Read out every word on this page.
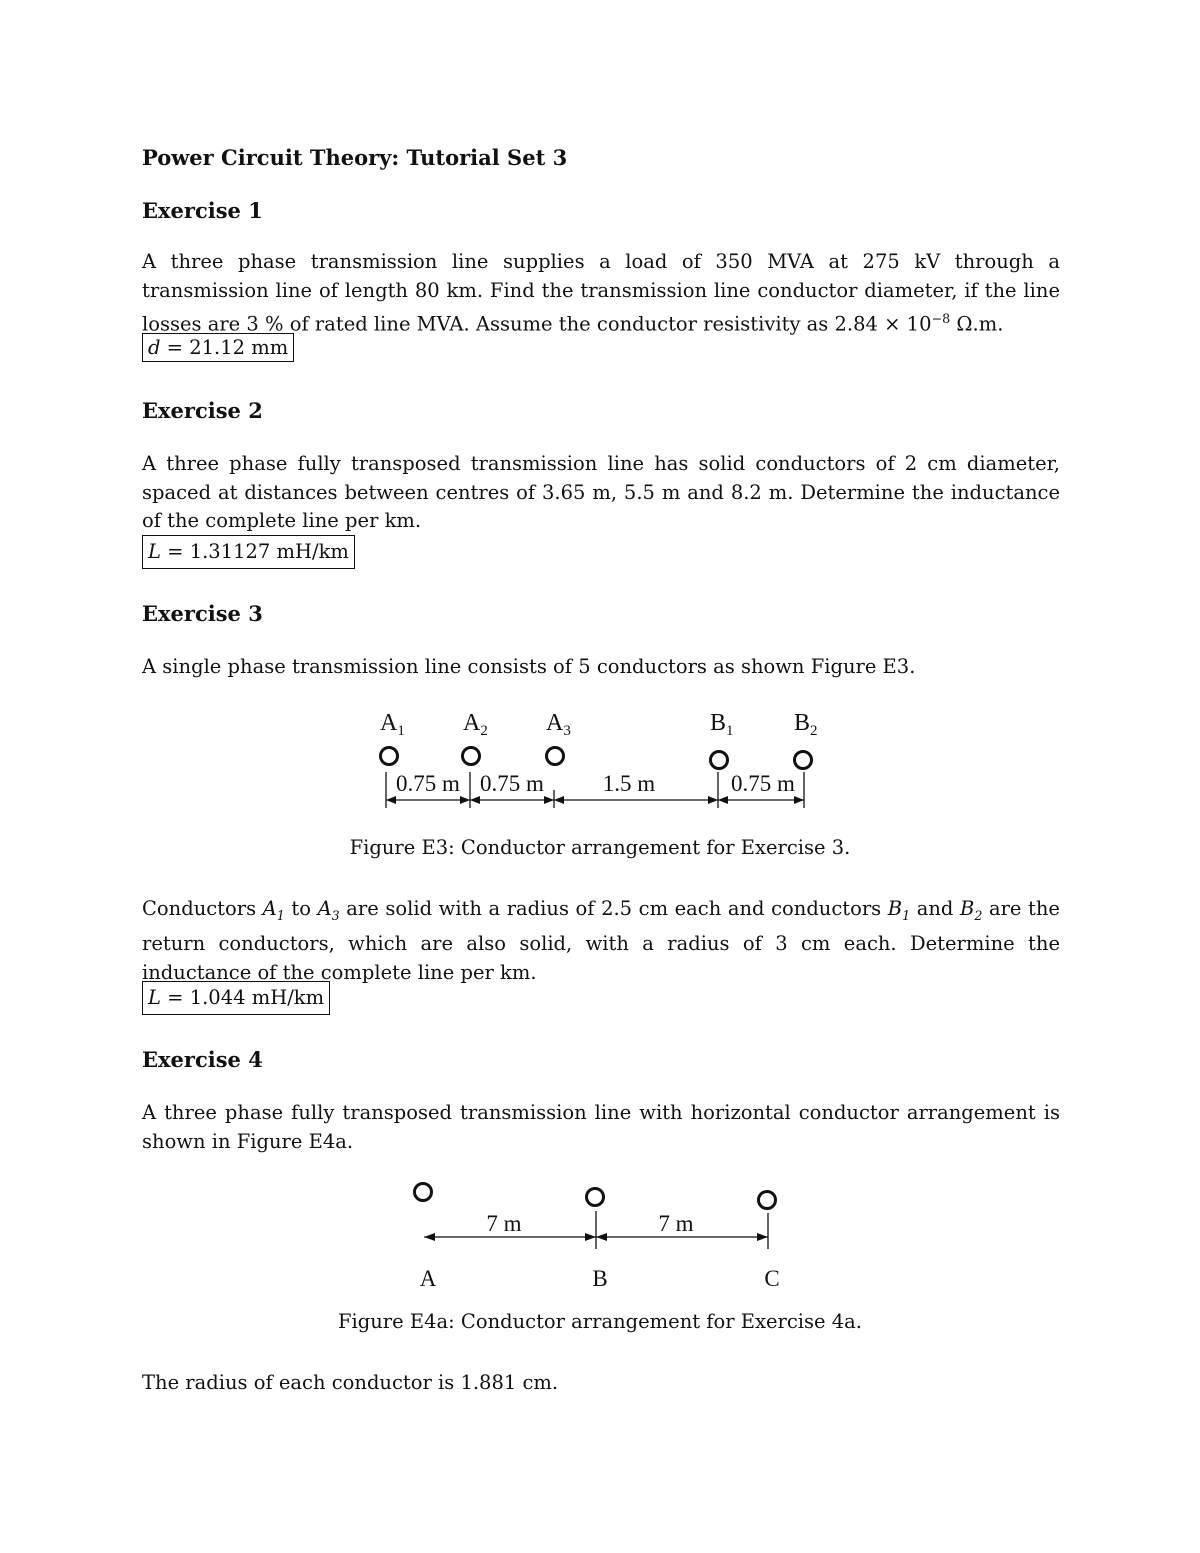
Power Circuit Theory: Tutorial Set 3
Exercise 1
A three phase transmission line supplies a load of 350 MVA at 275 kV through a transmission line of length 80 km. Find the transmission line conductor diameter, if the line losses are 3 % of rated line MVA. Assume the conductor resistivity as $2.84 \times 10^{-8}$ Ω.m.
d = 21.12 mm
Exercise 2
A three phase fully transposed transmission line has solid conductors of 2 cm diameter, spaced at distances between centres of 3.65 m, 5.5 m and 8.2 m. Determine the inductance of the complete line per km.
L = 1.31127 mH/km
Exercise 3
A single phase transmission line consists of 5 conductors as shown Figure E3.
$A_1$ $A_2$ $A_3$	$B_1$	$B_2$
0.75 m 0.75 m	1.5 m	0.75 m
Figure E3: Conductor arrangement for Exercise 3.
Conductors $A_1$ to $A_3$ are solid with a radius of 2.5 cm each and conductors $B_1$ and $B_2$ are the return conductors, which are also solid, with a radius of 3 cm each. Determine the inductance of the complete line per km.
L = 1.044 mH/km
Exercise 4
A three phase fully transposed transmission line with horizontal conductor arrangement is shown in Figure E4a.
7 m	7 m
A	B	C
Figure E4a: Conductor arrangement for Exercise 4a.
The radius of each conductor is 1.881 cm.
